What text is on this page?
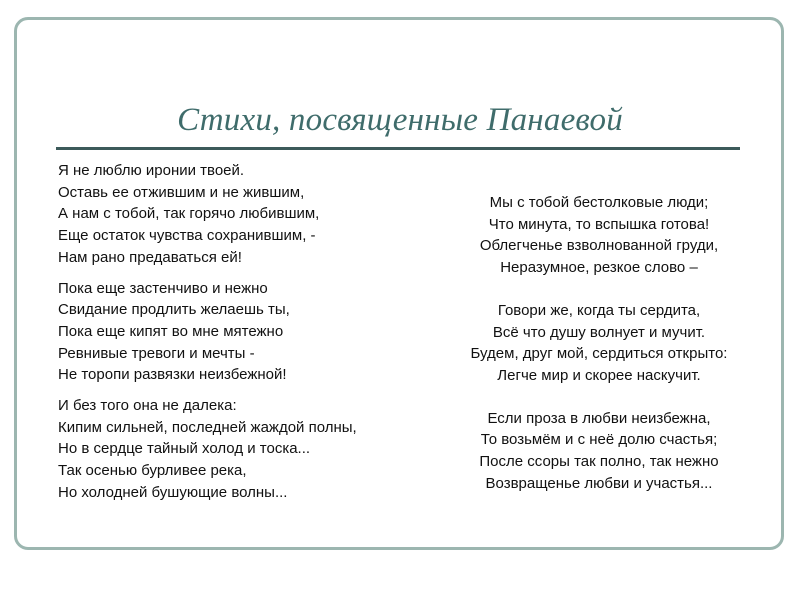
Стихи, посвященные Панаевой
Я не люблю иронии твоей.
Оставь ее отжившим и не жившим,
А нам с тобой, так горячо любившим,
Еще остаток чувства сохранившим, -
Нам рано предаваться ей!
Пока еще застенчиво и нежно
Свидание продлить желаешь ты,
Пока еще кипят во мне мятежно
Ревнивые тревоги и мечты -
Не торопи развязки неизбежной!
И без того она не далека:
Кипим сильней, последней жаждой полны,
Но в сердце тайный холод и тоска...
Так осенью бурливее река,
Но холодней бушующие волны...
Мы с тобой бестолковые люди;
Что минута, то вспышка готова!
Облегченье взволнованной груди,
Неразумное, резкое слово –
Говори же, когда ты сердита,
Всё что душу волнует и мучит.
Будем, друг мой, сердиться открыто:
Легче мир и скорее наскучит.
Если проза в любви неизбежна,
То возьмём и с неё долю счастья;
После ссоры так полно, так нежно
Возвращенье любви и участья...
